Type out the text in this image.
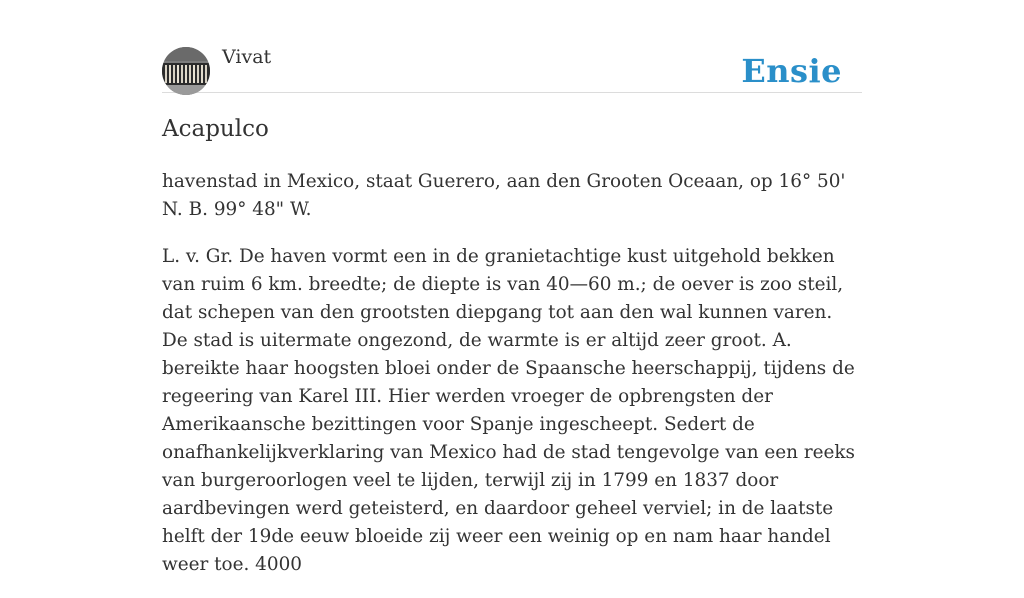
Vivat	Ensie
Acapulco

havenstad in Mexico, staat Guerero, aan den Grooten Oceaan, op 16° 50' N. B. 99° 48" W.

L. v. Gr. De haven vormt een in de granietachtige kust uitgehold bekken van ruim 6 km. breedte; de diepte is van 40—60 m.; de oever is zoo steil, dat schepen van den grootsten diepgang tot aan den wal kunnen varen. De stad is uitermate ongezond, de warmte is er altijd zeer groot. A. bereikte haar hoogsten bloei onder de Spaansche heerschappij, tijdens de regeering van Karel III. Hier werden vroeger de opbrengsten der Amerikaansche bezittingen voor Spanje ingescheept. Sedert de onafhankelijkverklaring van Mexico had de stad tengevolge van een reeks van burgeroorlogen veel te lijden, terwijl zij in 1799 en 1837 door aardbevingen werd geteisterd, en daardoor geheel verviel; in de laatste helft der 19de eeuw bloeide zij weer een weinig op en nam haar handel weer toe. 4000
